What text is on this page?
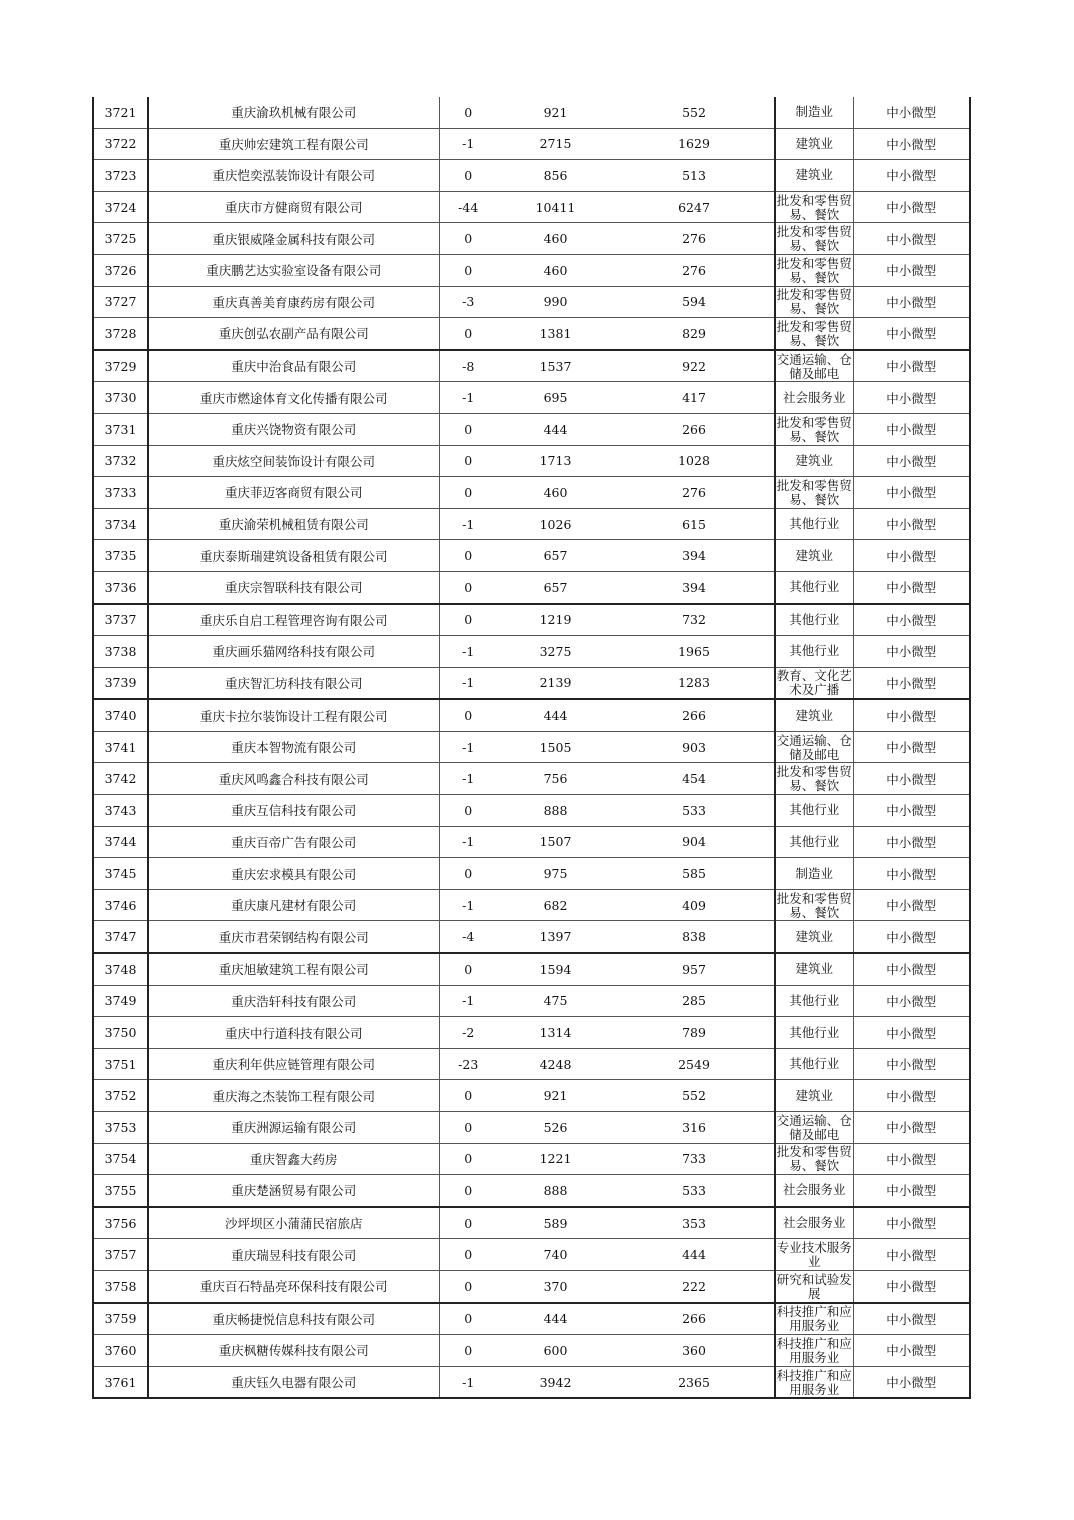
3721	重庆渝玖机械有限公司	0	921	552	制造业	中小微型
3722	重庆帅宏建筑工程有限公司	-1	2715	1629	建筑业	中小微型
3723	重庆恺奕泓装饰设计有限公司	0	856	513	建筑业	中小微型
3724	重庆市方健商贸有限公司	-44	10411	6247	批发和零售贸易、餐饮	中小微型
3725	重庆银威隆金属科技有限公司	0	460	276	批发和零售贸易、餐饮	中小微型
3726	重庆鹏艺达实验室设备有限公司	0	460	276	批发和零售贸易、餐饮	中小微型
3727	重庆真善美育康药房有限公司	-3	990	594	批发和零售贸易、餐饮	中小微型
3728	重庆创弘农副产品有限公司	0	1381	829	批发和零售贸易、餐饮	中小微型
3729	重庆中治食品有限公司	-8	1537	922	交通运输、仓储及邮电	中小微型
3730	重庆市燃途体育文化传播有限公司	-1	695	417	社会服务业	中小微型
3731	重庆兴饶物资有限公司	0	444	266	批发和零售贸易、餐饮	中小微型
3732	重庆炫空间装饰设计有限公司	0	1713	1028	建筑业	中小微型
3733	重庆菲迈客商贸有限公司	0	460	276	批发和零售贸易、餐饮	中小微型
3734	重庆渝荣机械租赁有限公司	-1	1026	615	其他行业	中小微型
3735	重庆泰斯瑞建筑设备租赁有限公司	0	657	394	建筑业	中小微型
3736	重庆宗智联科技有限公司	0	657	394	其他行业	中小微型
3737	重庆乐自启工程管理咨询有限公司	0	1219	732	其他行业	中小微型
3738	重庆画乐猫网络科技有限公司	-1	3275	1965	其他行业	中小微型
3739	重庆智汇坊科技有限公司	-1	2139	1283	教育、文化艺术及广播	中小微型
3740	重庆卡拉尔装饰设计工程有限公司	0	444	266	建筑业	中小微型
3741	重庆本智物流有限公司	-1	1505	903	交通运输、仓储及邮电	中小微型
3742	重庆风鸣鑫合科技有限公司	-1	756	454	批发和零售贸易、餐饮	中小微型
3743	重庆互信科技有限公司	0	888	533	其他行业	中小微型
3744	重庆百帝广告有限公司	-1	1507	904	其他行业	中小微型
3745	重庆宏求模具有限公司	0	975	585	制造业	中小微型
3746	重庆康凡建材有限公司	-1	682	409	批发和零售贸易、餐饮	中小微型
3747	重庆市君荣钢结构有限公司	-4	1397	838	建筑业	中小微型
3748	重庆旭敏建筑工程有限公司	0	1594	957	建筑业	中小微型
3749	重庆浩轩科技有限公司	-1	475	285	其他行业	中小微型
3750	重庆中行道科技有限公司	-2	1314	789	其他行业	中小微型
3751	重庆利年供应链管理有限公司	-23	4248	2549	其他行业	中小微型
3752	重庆海之杰装饰工程有限公司	0	921	552	建筑业	中小微型
3753	重庆洲源运输有限公司	0	526	316	交通运输、仓储及邮电	中小微型
3754	重庆智鑫大药房	0	1221	733	批发和零售贸易、餐饮	中小微型
3755	重庆楚涵贸易有限公司	0	888	533	社会服务业	中小微型
3756	沙坪坝区小蒲蒲民宿旅店	0	589	353	社会服务业	中小微型
3757	重庆瑞昱科技有限公司	0	740	444	专业技术服务业	中小微型
3758	重庆百石特晶亮环保科技有限公司	0	370	222	研究和试验发展	中小微型
3759	重庆畅捷悦信息科技有限公司	0	444	266	科技推广和应用服务业	中小微型
3760	重庆枫糖传媒科技有限公司	0	600	360	科技推广和应用服务业	中小微型
3761	重庆钰久电器有限公司	-1	3942	2365	科技推广和应用服务业	中小微型
